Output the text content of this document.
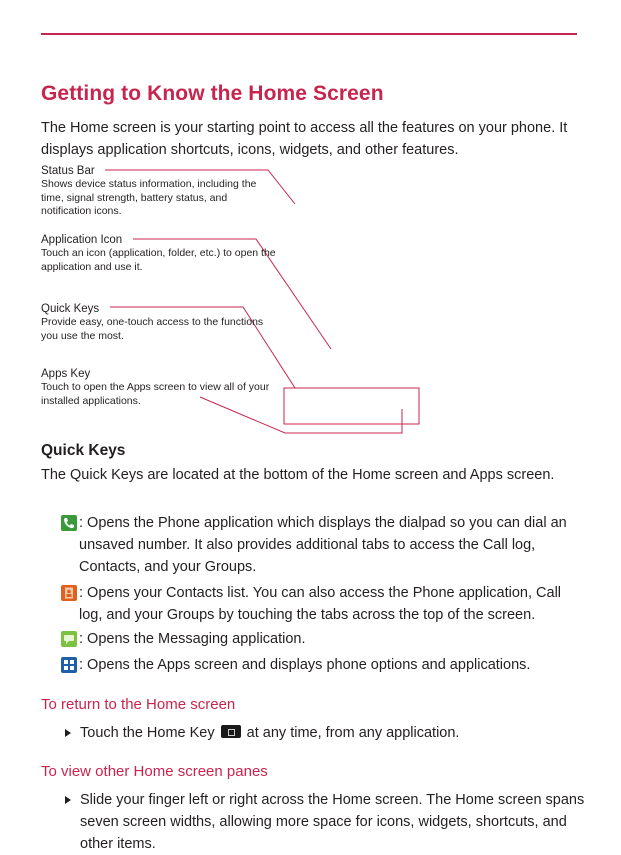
Getting to Know the Home Screen
The Home screen is your starting point to access all the features on your phone. It displays application shortcuts, icons, widgets, and other features.
Status Bar
Shows device status information, including the time, signal strength, battery status, and notification icons.
Application Icon
Touch an icon (application, folder, etc.) to open the application and use it.
Quick Keys
Provide easy, one-touch access to the functions you use the most.
Apps Key
Touch to open the Apps screen to view all of your installed applications.
Quick Keys
The Quick Keys are located at the bottom of the Home screen and Apps screen.
: Opens the Phone application which displays the dialpad so you can dial an unsaved number. It also provides additional tabs to access the Call log, Contacts, and your Groups.
: Opens your Contacts list. You can also access the Phone application, Call log, and your Groups by touching the tabs across the top of the screen.
: Opens the Messaging application.
: Opens the Apps screen and displays phone options and applications.
To return to the Home screen
Touch the Home Key  at any time, from any application.
To view other Home screen panes
Slide your finger left or right across the Home screen. The Home screen spans seven screen widths, allowing more space for icons, widgets, shortcuts, and other items.
